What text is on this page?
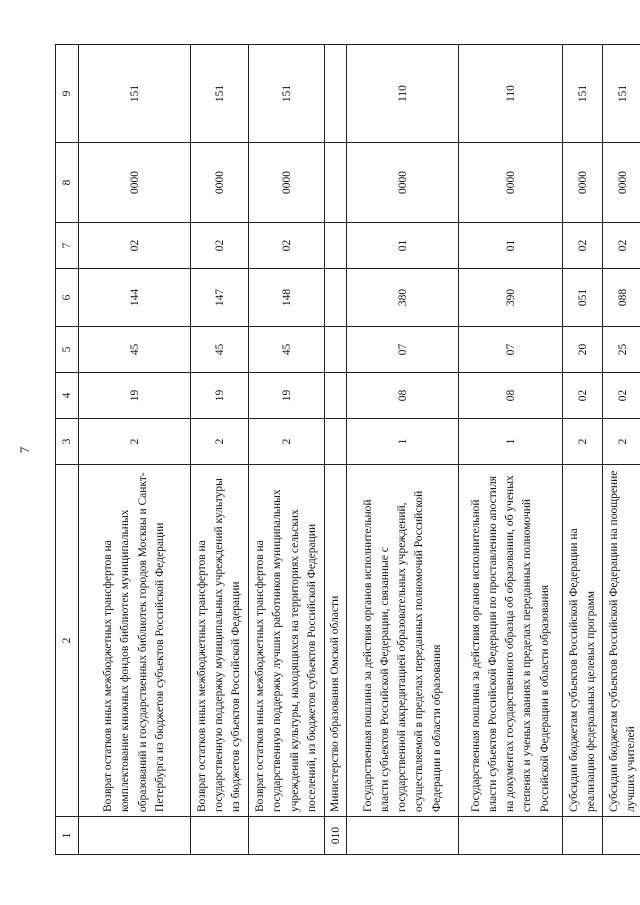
7
1	2	3	4	5	6	7	8	9
	Возврат остатков иных межбюджетных трансфертов на комплектование книжных фондов библиотек муниципальных образований и государственных библиотек городов Москвы и Санкт-Петербурга из бюджетов субъектов Российской Федерации	2	19	45	144	02	0000	151
	Возврат остатков иных межбюджетных трансфертов на государственную поддержку муниципальных учреждений культуры из бюджетов субъектов Российской Федерации	2	19	45	147	02	0000	151
	Возврат остатков иных межбюджетных трансфертов на государственную поддержку лучших работников муниципальных учреждений культуры, находящихся на территориях сельских поселений, из бюджетов субъектов Российской Федерации	2	19	45	148	02	0000	151
010	Министерство образования Омской области							
	Государственная пошлина за действия органов исполнительной власти субъектов Российской Федерации, связанные с государственной аккредитацией образовательных учреждений, осуществляемой в пределах переданных полномочий Российской Федерации в области образования	1	08	07	380	01	0000	110
	Государственная пошлина за действия органов исполнительной власти субъектов Российской Федерации по проставлению апостиля на документах государственного образца об образовании, об ученых степенях и ученых званиях в пределах переданных полномочий Российской Федерации в области образования	1	08	07	390	01	0000	110
	Субсидии бюджетам субъектов Российской Федерации на реализацию федеральных целевых программ	2	02	20	051	02	0000	151
	Субсидии бюджетам субъектов Российской Федерации на поощрение лучших учителей	2	02	25	088	02	0000	151
